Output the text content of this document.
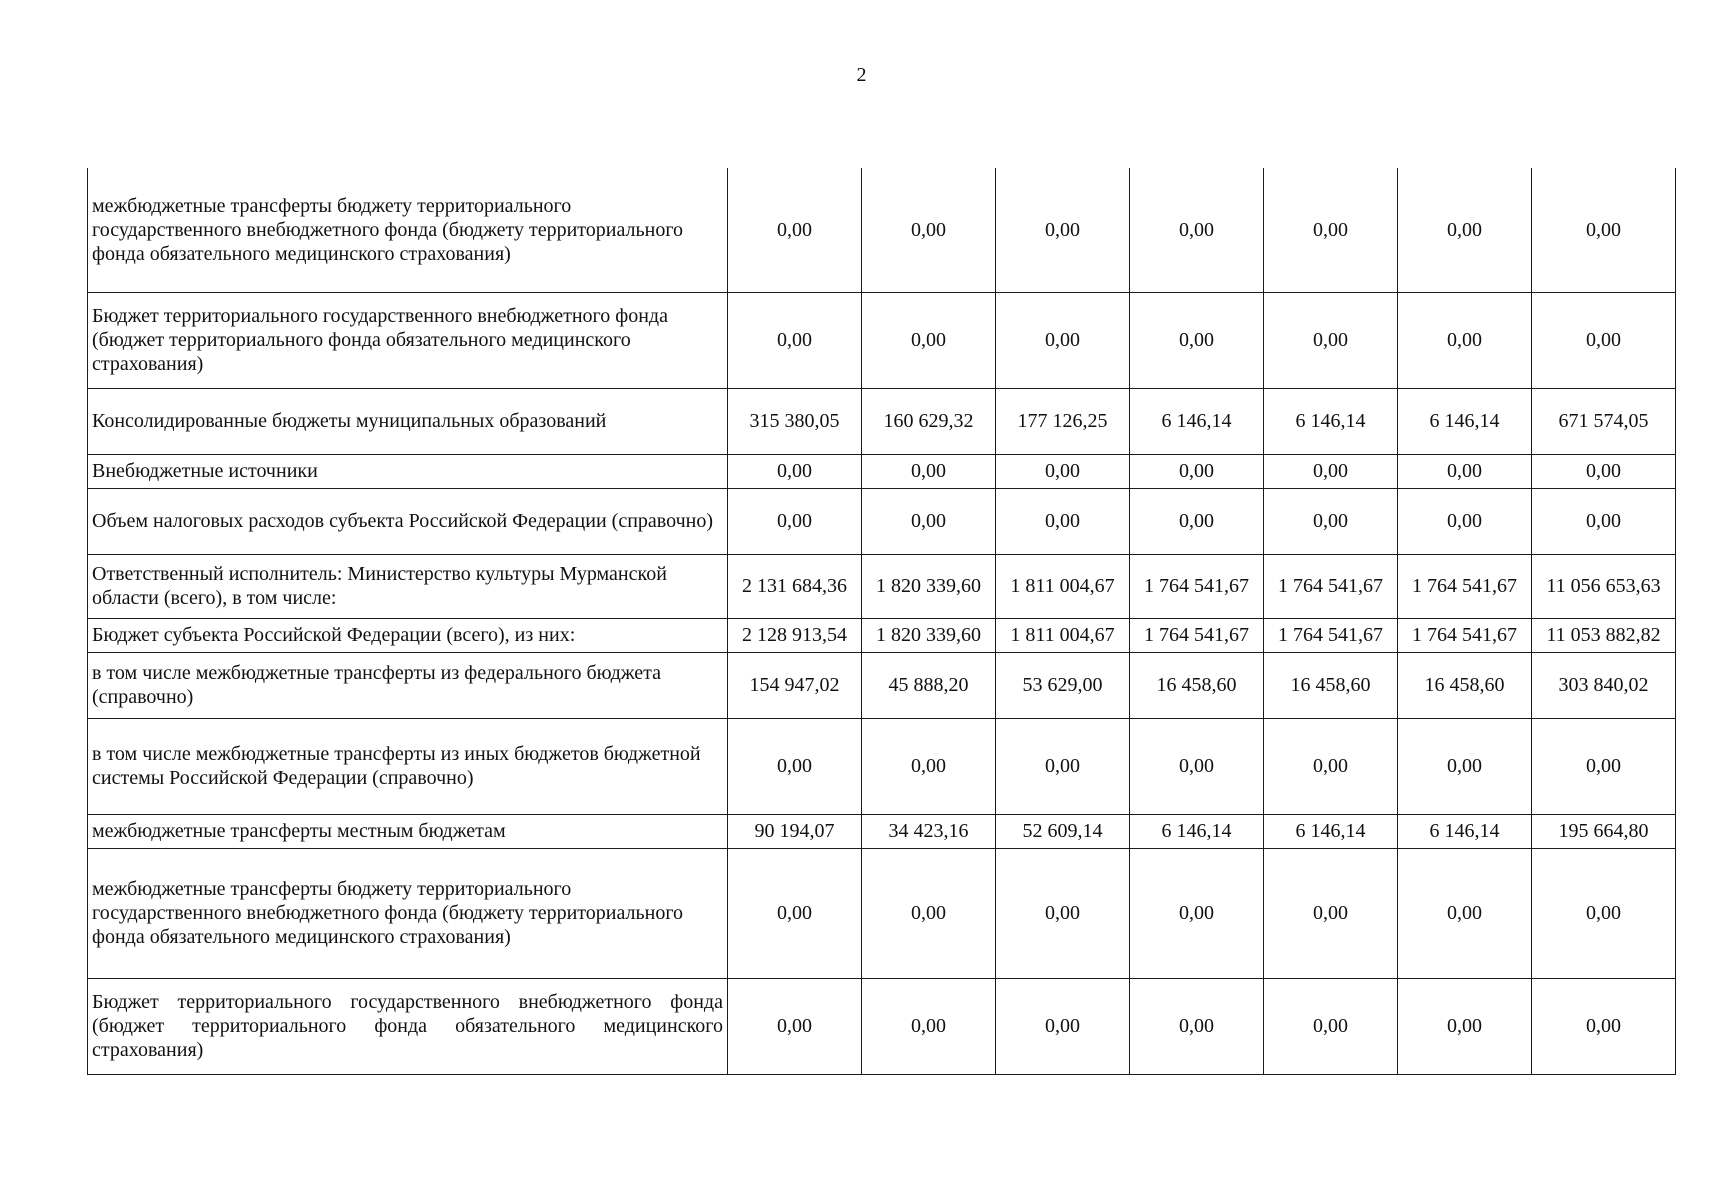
2
межбюджетные трансферты бюджету территориального государственного внебюджетного фонда (бюджету территориального фонда обязательного медицинского страхования)	0,00	0,00	0,00	0,00	0,00	0,00	0,00
Бюджет территориального государственного внебюджетного фонда (бюджет территориального фонда обязательного медицинского страхования)	0,00	0,00	0,00	0,00	0,00	0,00	0,00
Консолидированные бюджеты муниципальных образований	315 380,05	160 629,32	177 126,25	6 146,14	6 146,14	6 146,14	671 574,05
Внебюджетные источники	0,00	0,00	0,00	0,00	0,00	0,00	0,00
Объем налоговых расходов субъекта Российской Федерации (справочно)	0,00	0,00	0,00	0,00	0,00	0,00	0,00
Ответственный исполнитель: Министерство культуры Мурманской области (всего), в том числе:	2 131 684,36	1 820 339,60	1 811 004,67	1 764 541,67	1 764 541,67	1 764 541,67	11 056 653,63
Бюджет субъекта Российской Федерации (всего), из них:	2 128 913,54	1 820 339,60	1 811 004,67	1 764 541,67	1 764 541,67	1 764 541,67	11 053 882,82
в том числе межбюджетные трансферты из федерального бюджета (справочно)	154 947,02	45 888,20	53 629,00	16 458,60	16 458,60	16 458,60	303 840,02
в том числе межбюджетные трансферты из иных бюджетов бюджетной системы Российской Федерации (справочно)	0,00	0,00	0,00	0,00	0,00	0,00	0,00
межбюджетные трансферты местным бюджетам	90 194,07	34 423,16	52 609,14	6 146,14	6 146,14	6 146,14	195 664,80
межбюджетные трансферты бюджету территориального государственного внебюджетного фонда (бюджету территориального фонда обязательного медицинского страхования)	0,00	0,00	0,00	0,00	0,00	0,00	0,00
Бюджет территориального государственного внебюджетного фонда (бюджет территориального фонда обязательного медицинского страхования)	0,00	0,00	0,00	0,00	0,00	0,00	0,00
